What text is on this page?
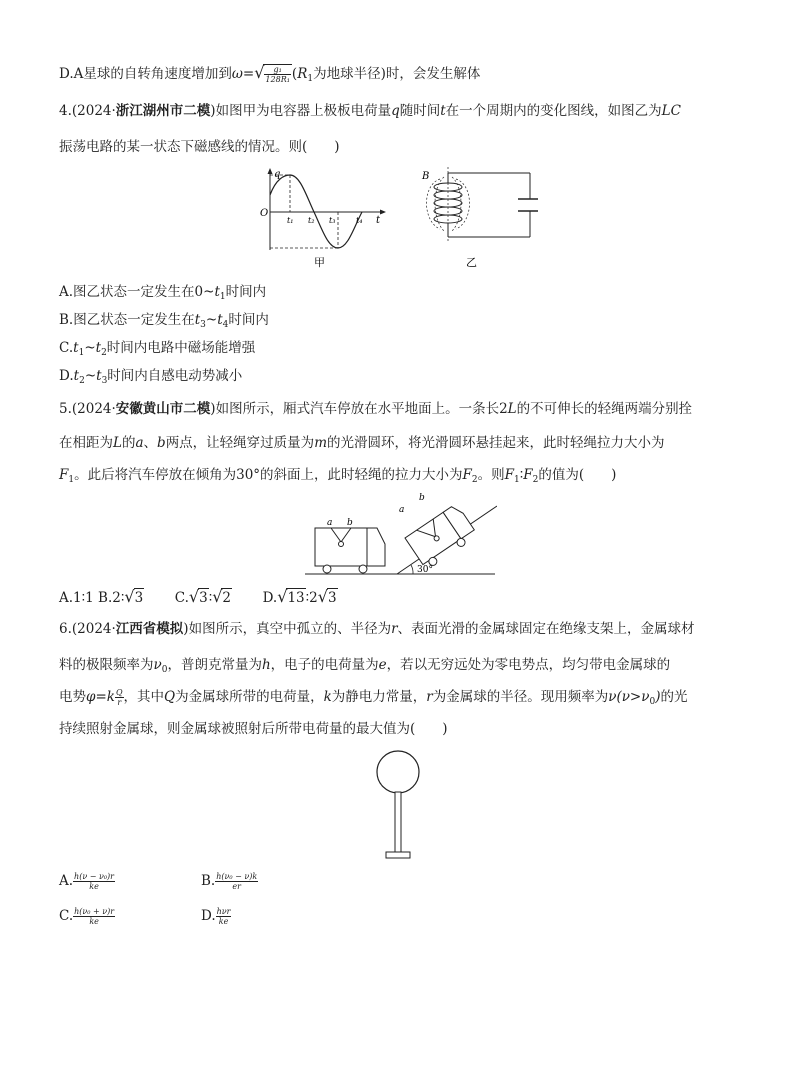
D.A星球的自转角速度增加到$\omega=√ \frac{\text{g₁}}{\text{128R₁}} (R_1$为地球半径)时，会发生解体
4.(2024·浙江湖州市二模)如图甲为电容器上极板电荷量q随时间t在一个周期内的变化图线，如图乙为LC
振荡电路的某一状态下磁感线的情况。则(　　)
q
O
t
t₁ t₂ t₃	t₄
甲
B
乙
A.图乙状态一定发生在$0\sim t_1$时间内
B.图乙状态一定发生在$t_3\sim t_4$时间内
$C.t_1\sim t_2$时间内电路中磁场能增强
$D.t_2\sim t_3$时间内自感电动势减小
5.(2024·安徽黄山市二模)如图所示，厢式汽车停放在水平地面上。一条长2L的不可伸长的轻绳两端分别拴
在相距为L的a、b两点，让轻绳穿过质量为m的光滑圆环，将光滑圆环悬挂起来，此时轻绳拉力大小为
$F_1$。此后将汽车停放在倾角为30°的斜面上，此时轻绳的拉力大小为$F_2$。则$F_1∶F_2$的值为(　　)
a b
a
b
30°
A.1∶1 B.2∶√3 C.√3∶√2 D.√13∶2√3
6.(2024·江西省模拟)如图所示，真空中孤立的、半径为r、表面光滑的金属球固定在绝缘支架上，金属球材
料的极限频率为$\nu_0$，普朗克常量为h，电子的电荷量为e，若以无穷远处为零电势点，均匀带电金属球的
电势$\varphi=k \frac{Q}{r}$ ，其中Q为金属球所带的电荷量，k为静电力常量，r为金属球的半径。现用频率为$\nu(\nu>\nu_0)$的光
持续照射金属球，则金属球被照射后所带电荷量的最大值为(　　)
A. $\frac{\text{h(ν − ν₀)r}}{ke}$	B. $\frac{\text{h(ν₀ − ν)k}}{er}$
C. $\frac{\text{h(ν₀ + ν)r}}{ke}$	D. $\frac{\text{hνr}}{ke}$
